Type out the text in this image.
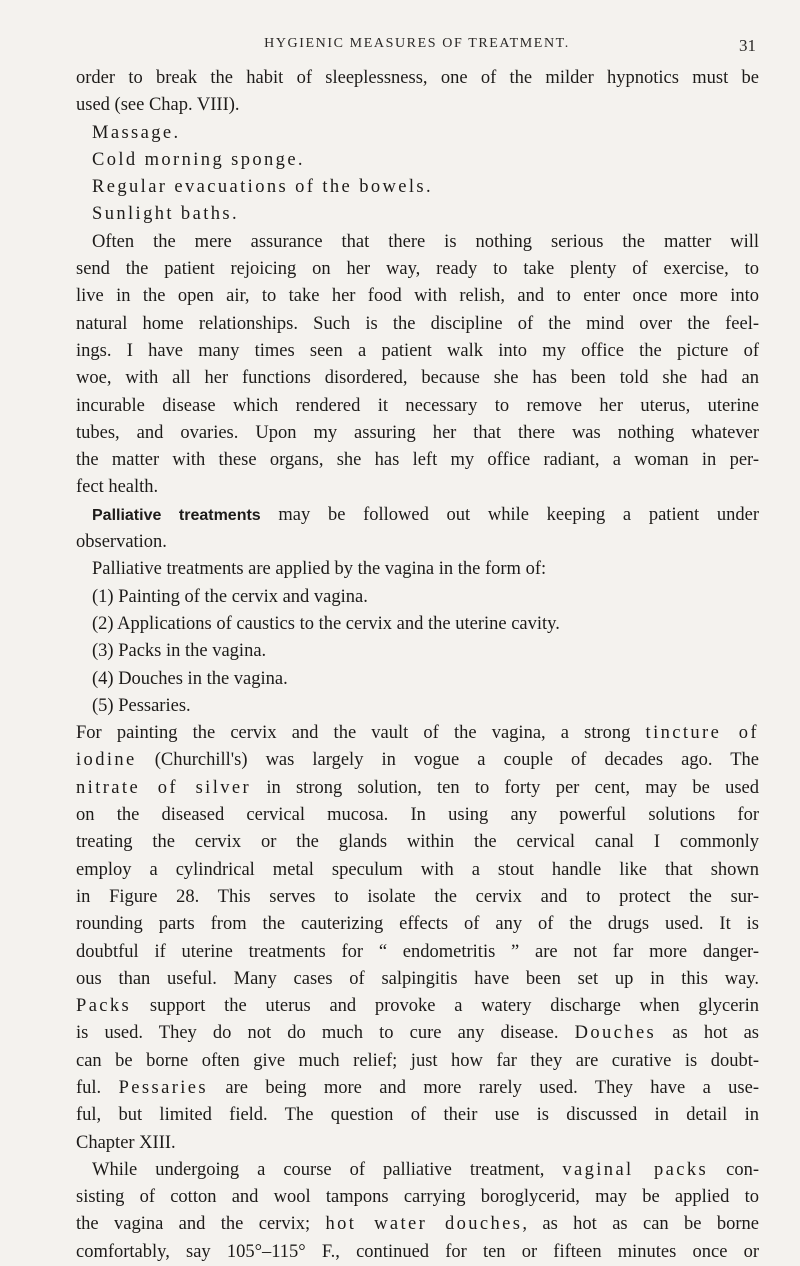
HYGIENIC MEASURES OF TREATMENT.	31
order to break the habit of sleeplessness, one of the milder hypnotics must be
used (see Chap. VIII).
Massage.
Cold morning sponge.
Regular evacuations of the bowels.
Sunlight baths.
Often the mere assurance that there is nothing serious the matter will
send the patient rejoicing on her way, ready to take plenty of exercise, to
live in the open air, to take her food with relish, and to enter once more into
natural home relationships. Such is the discipline of the mind over the feel-
ings. I have many times seen a patient walk into my office the picture of
woe, with all her functions disordered, because she has been told she had an
incurable disease which rendered it necessary to remove her uterus, uterine
tubes, and ovaries. Upon my assuring her that there was nothing whatever
the matter with these organs, she has left my office radiant, a woman in per-
fect health.
Palliative treatments may be followed out while keeping a patient under
observation.
Palliative treatments are applied by the vagina in the form of:
(1) Painting of the cervix and vagina.
(2) Applications of caustics to the cervix and the uterine cavity.
(3) Packs in the vagina.
(4) Douches in the vagina.
(5) Pessaries.
For painting the cervix and the vault of the vagina, a strong tincture of
iodine (Churchill's) was largely in vogue a couple of decades ago. The
nitrate of silver in strong solution, ten to forty per cent, may be used
on the diseased cervical mucosa. In using any powerful solutions for
treating the cervix or the glands within the cervical canal I commonly
employ a cylindrical metal speculum with a stout handle like that shown
in Figure 28. This serves to isolate the cervix and to protect the sur-
rounding parts from the cauterizing effects of any of the drugs used. It is
doubtful if uterine treatments for “ endometritis ” are not far more danger-
ous than useful. Many cases of salpingitis have been set up in this way.
Packs support the uterus and provoke a watery discharge when glycerin
is used. They do not do much to cure any disease. Douches as hot as
can be borne often give much relief; just how far they are curative is doubt-
ful. Pessaries are being more and more rarely used. They have a use-
ful, but limited field. The question of their use is discussed in detail in
Chapter XIII.
While undergoing a course of palliative treatment, vaginal packs con-
sisting of cotton and wool tampons carrying boroglycerid, may be applied to
the vagina and the cervix; hot water douches, as hot as can be borne
comfortably, say 105°–115° F., continued for ten or fifteen minutes once or
